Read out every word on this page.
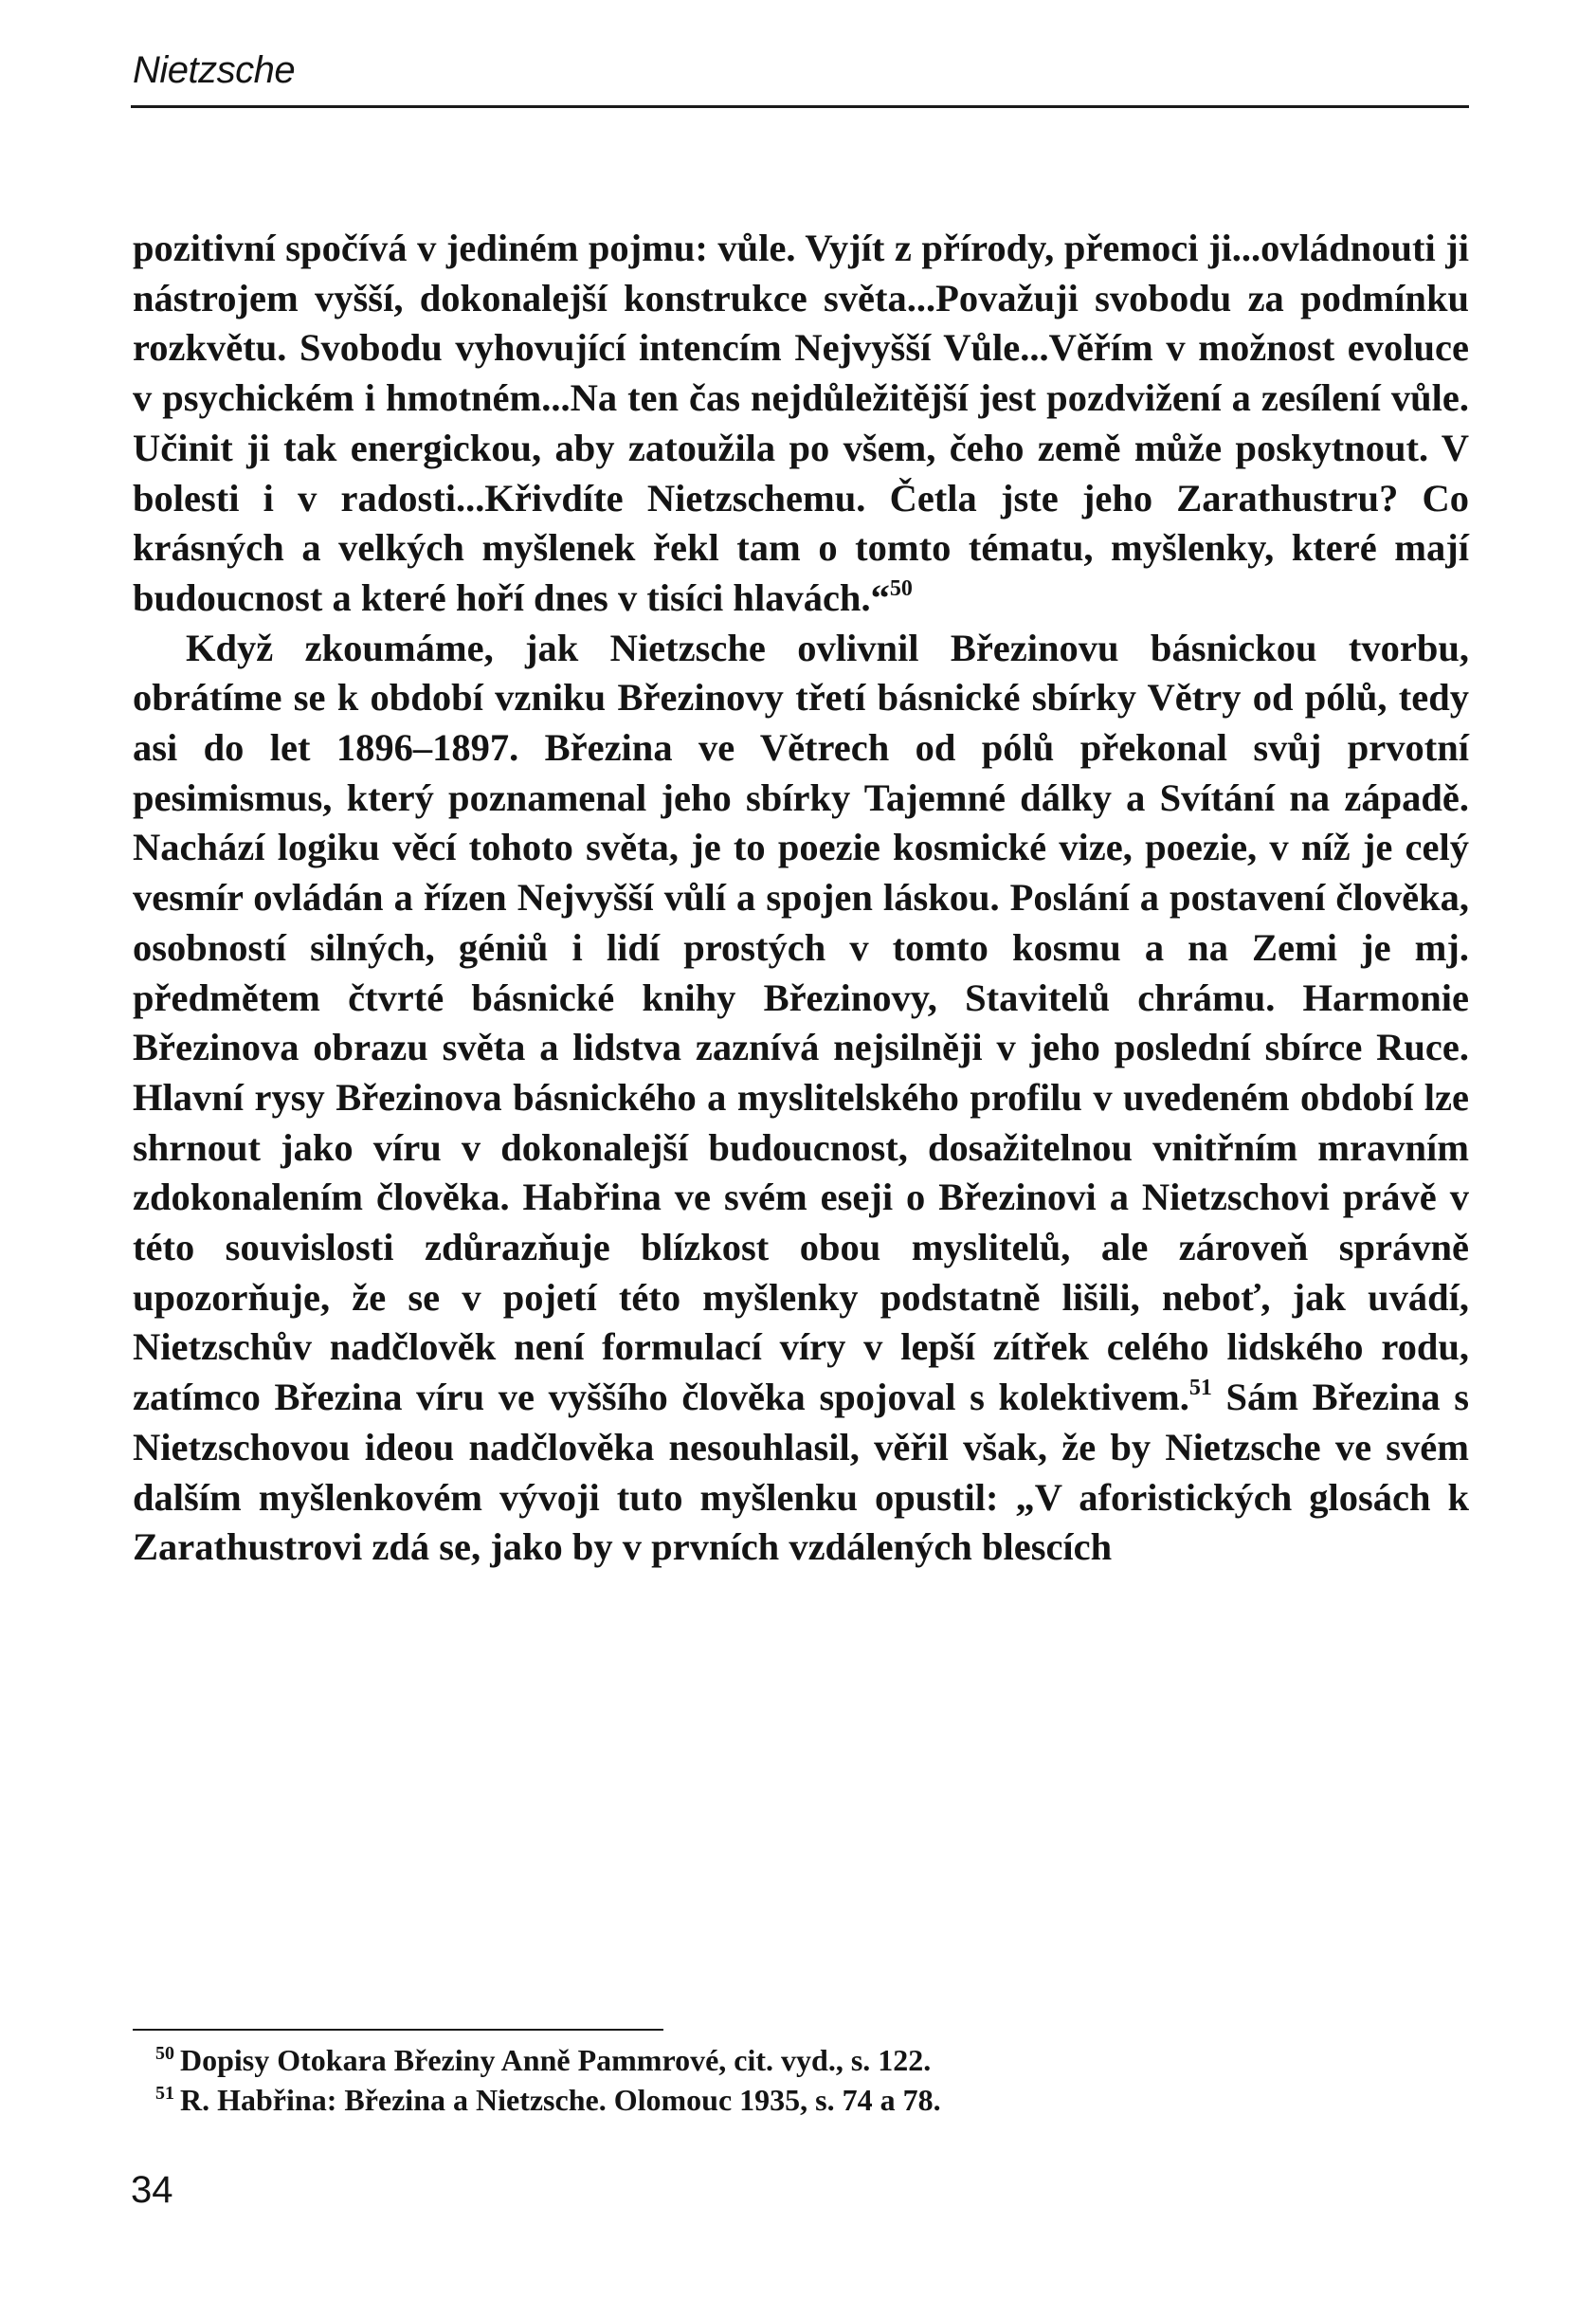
Nietzsche

pozitivní spočívá v jediném pojmu: vůle. Vyjít z přírody, přemoci ji...ovládnouti ji nástrojem vyšší, dokonalejší konstrukce světa...Považuji svobodu za podmínku rozkvětu. Svobodu vyhovující intencím Nejvyšší Vůle...Věřím v možnost evoluce v psychickém i hmotném...Na ten čas nejdůležitější jest pozdvižení a zesílení vůle. Učinit ji tak energickou, aby zatoužila po všem, čeho země může poskytnout. V bolesti i v radosti...Křivdíte Nietzschemu. Četla jste jeho Zarathustru? Co krásných a velkých myšlenek řekl tam o tomto tématu, myšlenky, které mají budoucnost a které hoří dnes v tisíci hlavách.“$^{50}$

Když zkoumáme, jak Nietzsche ovlivnil Březinovu básnickou tvorbu, obrátíme se k období vzniku Březinovy třetí básnické sbírky Větry od pólů, tedy asi do let 1896–1897. Březina ve Větrech od pólů překonal svůj prvotní pesimismus, který poznamenal jeho sbírky Tajemné dálky a Svítání na západě. Nachází logiku věcí tohoto světa, je to poezie kosmické vize, poezie, v níž je celý vesmír ovládán a řízen Nejvyšší vůlí a spojen láskou. Poslání a postavení člověka, osobností silných, géniů i lidí prostých v tomto kosmu a na Zemi je mj. předmětem čtvrté básnické knihy Březinovy, Stavitelů chrámu. Harmonie Březinova obrazu světa a lidstva zaznívá nejsilněji v jeho poslední sbírce Ruce. Hlavní rysy Březinova básnického a myslitelského profilu v uvedeném období lze shrnout jako víru v dokonalejší budoucnost, dosažitelnou vnitřním mravním zdokonalením člověka. Habřina ve svém eseji o Březinovi a Nietzschovi právě v této souvislosti zdůrazňuje blízkost obou myslitelů, ale zároveň správně upozorňuje, že se v pojetí této myšlenky podstatně lišili, neboť, jak uvádí, Nietzschův nadčlověk není formulací víry v lepší zítřek celého lidského rodu, zatímco Březina víru ve vyššího člověka spojoval s kolektivem.$^{51}$ Sám Březina s Nietzschovou ideou nadčlověka nesouhlasil, věřil však, že by Nietzsche ve svém dalším myšlenkovém vývoji tuto myšlenku opustil: „V aforistických glosách k Zarathustrovi zdá se, jako by v prvních vzdálených blescích

$^{50}$ Dopisy Otokara Březiny Anně Pammrové, cit. vyd., s. 122.
$^{51}$ R. Habřina: Březina a Nietzsche. Olomouc 1935, s. 74 a 78.
34
